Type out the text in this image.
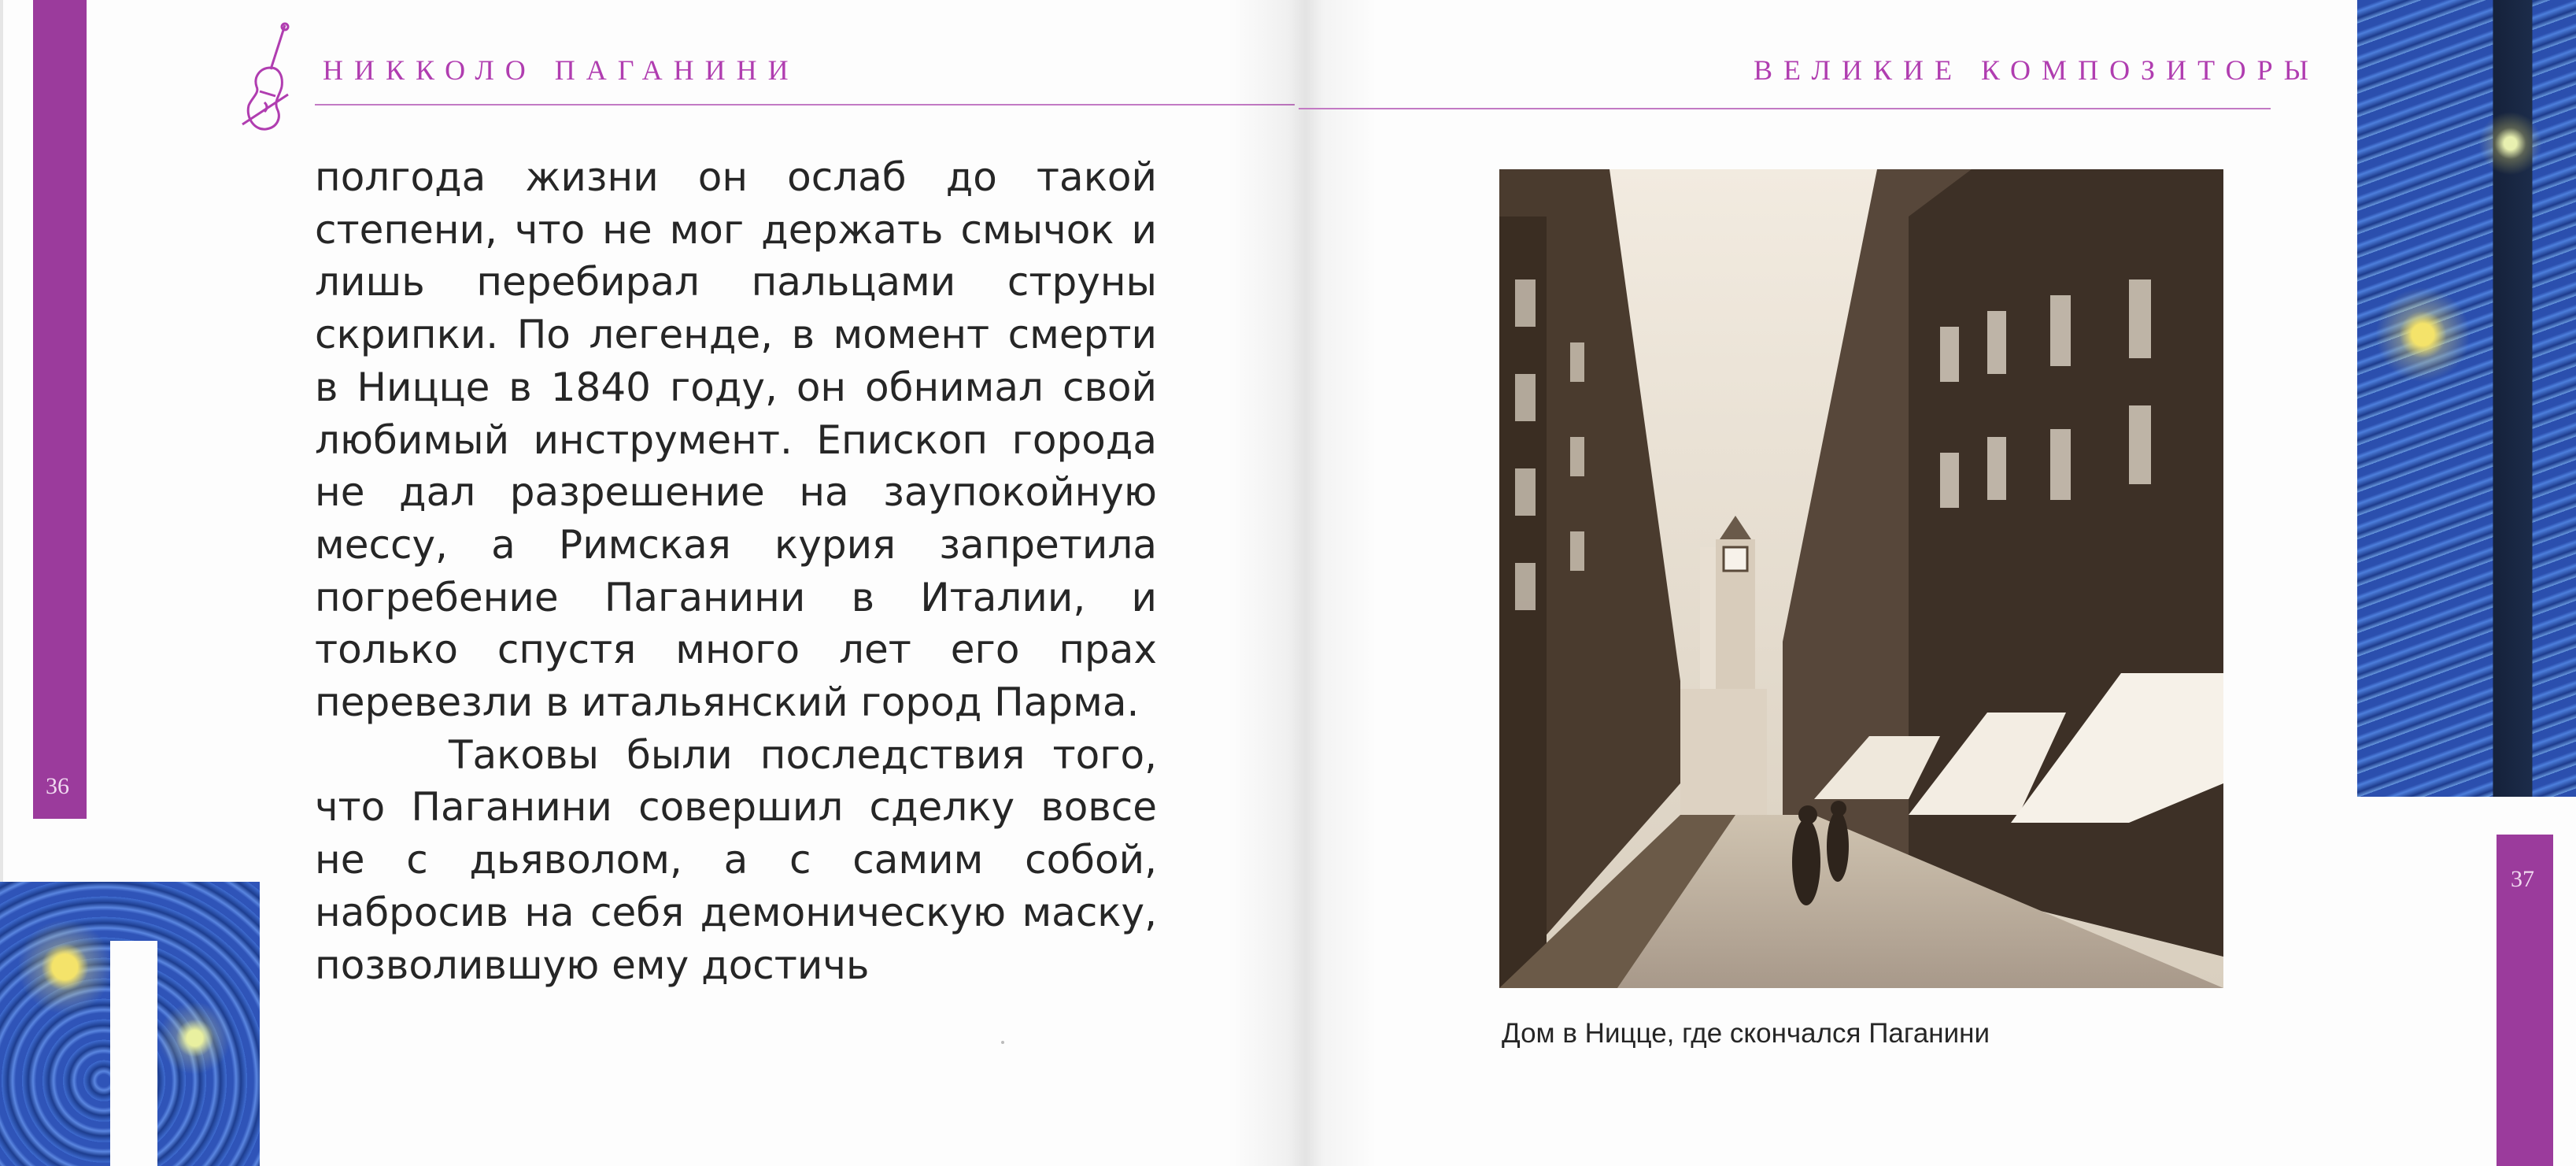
36
НИККОЛО ПАГАНИНИ

полгода жизни он ослаб до такой степени, что не мог держать смычок и лишь перебирал пальцами струны скрипки. По легенде, в момент смерти в Ницце в 1840 году, он обнимал свой любимый инструмент. Епископ города не дал разрешение на заупокойную мессу, а Римская курия запретила погребение Паганини в Италии, и только спустя много лет его прах перевезли в итальянский город Парма.

Таковы были последствия того, что Паганини совершил сделку вовсе не с дьяволом, а с самим собой, набросив на себя демоническую маску, позволившую ему достичь

37
ВЕЛИКИЕ КОМПОЗИТОРЫ
Дом в Ницце, где скончался Паганини
